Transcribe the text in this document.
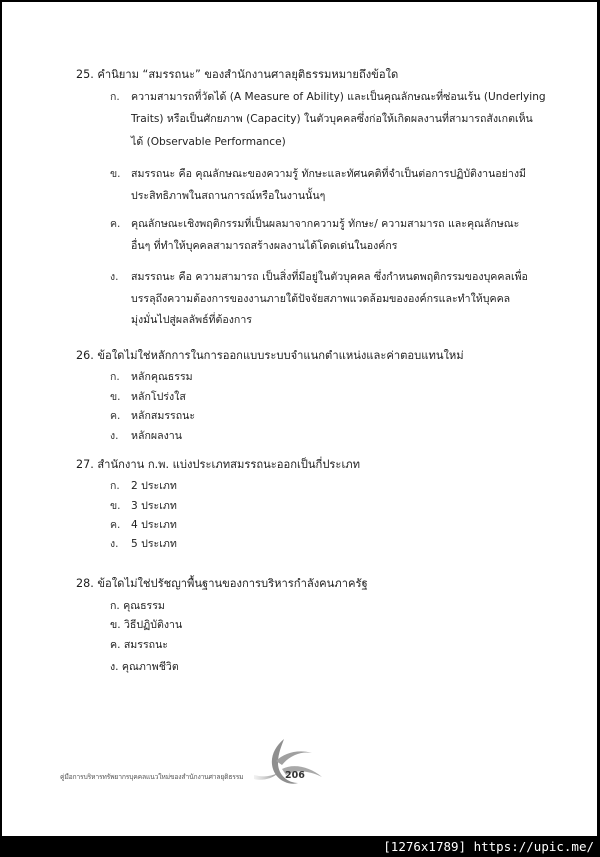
25. คำนิยาม “สมรรถนะ” ของสำนักงานศาลยุติธรรมหมายถึงข้อใด
ก. ความสามารถที่วัดได้ (A Measure of Ability) และเป็นคุณลักษณะที่ซ่อนเร้น (Underlying
Traits) หรือเป็นศักยภาพ (Capacity) ในตัวบุคคลซึ่งก่อให้เกิดผลงานที่สามารถสังเกตเห็น
ได้ (Observable Performance)
ข. สมรรถนะ คือ คุณลักษณะของความรู้ ทักษะและทัศนคติที่จำเป็นต่อการปฏิบัติงานอย่างมี
ประสิทธิภาพในสถานการณ์หรือในงานนั้นๆ
ค. คุณลักษณะเชิงพฤติกรรมที่เป็นผลมาจากความรู้ ทักษะ/ ความสามารถ และคุณลักษณะ
อื่นๆ ที่ทำให้บุคคลสามารถสร้างผลงานได้โดดเด่นในองค์กร
ง. สมรรถนะ คือ ความสามารถ เป็นสิ่งที่มีอยู่ในตัวบุคคล ซึ่งกำหนดพฤติกรรมของบุคคลเพื่อ
บรรลุถึงความต้องการของงานภายใต้ปัจจัยสภาพแวดล้อมขององค์กรและทำให้บุคคล
มุ่งมั่นไปสู่ผลลัพธ์ที่ต้องการ
26. ข้อใดไม่ใช่หลักการในการออกแบบระบบจำแนกตำแหน่งและค่าตอบแทนใหม่
ก. หลักคุณธรรม
ข. หลักโปร่งใส
ค. หลักสมรรถนะ
ง. หลักผลงาน
27. สำนักงาน ก.พ. แบ่งประเภทสมรรถนะออกเป็นกี่ประเภท
ก. 2 ประเภท
ข. 3 ประเภท
ค. 4 ประเภท
ง. 5 ประเภท
28. ข้อใดไม่ใช่ปรัชญาพื้นฐานของการบริหารกำลังคนภาครัฐ
ก. คุณธรรม
ข. วิธีปฏิบัติงาน
ค. สมรรถนะ
ง. คุณภาพชีวิต
คู่มือการบริหารทรัพยากรบุคคลแนวใหม่ของสำนักงานศาลยุติธรรม	206
[1276x1789] https://upic.me/
